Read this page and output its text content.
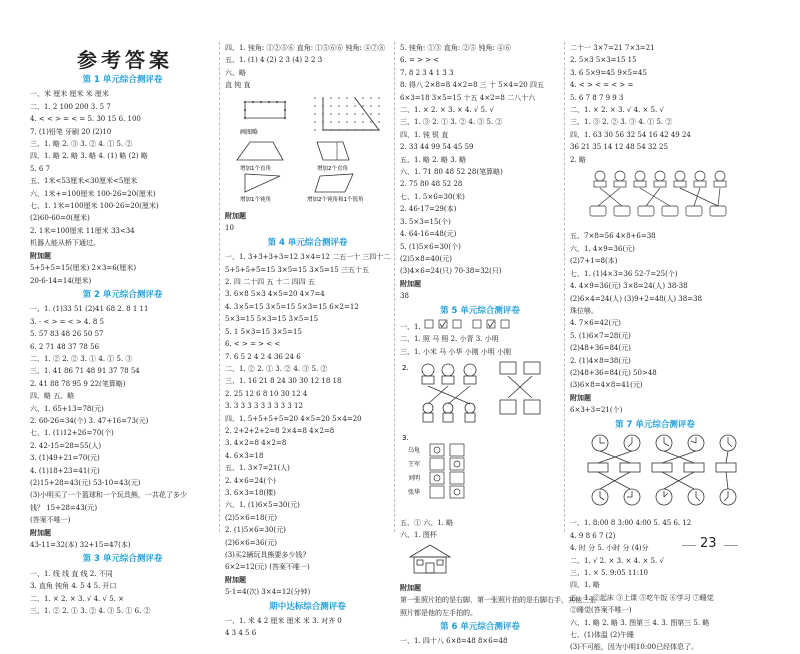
参考答案
第 1 单元综合测评卷
一、米 厘米 厘米 米 厘米
二、1. 2 100 200 3. 5 7
4. < < > = < = 5. 30 15 6. 100
7. (1)铅笔 牙刷 20 (2)10
三、1. 略 2. ③ 3. ② 4. ① 5. ②
四、1. 略 2. 略 3. 略 4. (1) 略 (2) 略
5. 6 7
五、1米<53厘米<30厘米<5厘米
六、1米+=100厘米 100-26=20(厘米)
七、1. 1米=100厘米 100-26=20(厘米)
(2)60-60=0(厘米)
2. 1米=100厘米 11厘米 33<34
机器人能从桥下通过。
附加题
5+5+5=15(厘米) 2×3=6(厘米)
20-6-14=14(厘米)
第 2 单元综合测评卷
一、1. (1)33 51 (2)41 68 2. 8 1 11
3. - < > = < > 4. 8 5
5. 57 83 48 26 50 57
6. 2 71 48 37 78 56
二、1. ② 2. ② 3. ① 4. ① 5. ③
三、1. 41 86 71 48 91 37 78 54
2. 41 88 78 95 9 22(笔算略)
四、略 五、略
六、1. 65+13=78(元)
2. 60-26=34(个) 3. 47+16=73(元)
七、1. (1)12+26=70(个)
2. 42-15=28=55(人)
3. (1)49+21=70(元)
4. (1)18+23=41(元)
(2)15+28=43(元) 53-10=43(元)
(3)小明买了一个篮球和一个玩具熊，一共花了多少
钱？ 15+28=43(元)
(答案不唯一)
附加题
43-11=32(本) 32+15=47(本)
第 3 单元综合测评卷
一、1. 线 线 直 线 2. 不同
3. 直角 钝角 4. 5 4 5. 开口
二、1. × 2. × 3. √ 4. √ 5. ×
三、1. ② 2. ① 3. ② 4. ③ 5. ① 6. ②
四、1. 钝角: ①②⑤⑥ 直角: ①⑤⑥⑥ 钝角: ④⑦⑧
五、1. (1) 4 (2) 2 3 (4) 2 2 3
六、略
直 钝 直
画图略
增加1个直角	增加2个直角
增加1个钝角	增加2个钝角和1个锐角
附加题
10
第 4 单元综合测评卷
一、1. 3+3+3+3=12 3×4=12 二五一十 三四十二
5+5+5+5=15 3×5=15 3×5=15 三五十五
2. 四 二十四 五 十二 四四 五
3. 6×8 5×3 4×5=20 4×7=4
4. 3×5=15 3×5=15 5×3=15 6×2=12
5×3=15 5×3=15 3×5=15
5. 1 5×3=15 3×5=15
6. < > = > < <
7. 6 5 2 4 2 4 36 24 6
二、1. ② 2. ① 3. ② 4. ③ 5. ②
三、1. 16 21 8 24 30 30 12 18 18
2. 25 12 6 8 10 30 12 4
3. 3 3 3 3 3 3 3 3 3 12
四、1. 5+5+5+5=20 4×5=20 5×4=20
2. 2+2+2+2=8 2×4=8 4×2=8
3. 4×2=8 4×2=8
4. 6×3=18
五、1. 3×7=21(人)
2. 4×6=24(个)
3. 6×3=18(棵)
六、1. (1)6×5=30(元)
(2)5×6=18(元)
2. (1)5×6=30(元)
(2)6×6=36(元)
(3)买2辆玩具熊要多少钱?
6×2=12(元) (答案不唯一)
附加题
5-1=4(次) 3×4=12(分钟)
期中达标综合测评卷
一、1. 米 4 2 厘米 厘米 米 3. 对齐 0
4 3 4 5 6
5. 钝角: ①③ 直角: ②⑤ 钝角: ④⑥
6. = > > <
7. 8 2 3 4 1 3 3
8. 得八 2×8=8 4×2=8 三 十 5×4=20 四五
6×3=18 3×5=15 十五 4×2=8 二八十六
二、1. × 2. × 3. × 4. √ 5. √
三、1. ③ 2. ① 3. ② 4. ③ 5. ②
四、1. 钝 锐 直
2. 33 44 99 54 45 59
五、1. 略 2. 略 3. 略
六、1. 71 80 48 52 28(笔算略)
2. 75 80 48 52 28
七、1. 5×6=30(米)
2. 46-17=29(本)
3. 5×3=15(个)
4. 64-16=48(元)
5. (1)5×6=30(个)
(2)5×8=40(元)
(3)4×6=24(只) 70-38=32(只)
附加题
38
第 5 单元综合测评卷
一、1.
二、1. 照 马 照 2. 小青 3. 小明
三、1. 小米 马 小华 小刚 小明 小刚
2.
3.
乌龟
王军
刘明
张华
五、① 六、1. 略
六、1. 图杯
附加题
第一张照片拍的是右脚，第一张照片拍的是右脚右手，其他三张
照片都是他的左手拍的。
第 6 单元综合测评卷
一、1. 四十八 6×8=48 8×6=48
二十一 3×7=21 7×3=21
2. 5×3 5×3=15 15
3. 6 5×9=45 9×5=45
4. < > < = < > =
5. 6 7 8 7 9 9 3
二、1. × 2. × 3. √ 4. × 5. √
三、1. ③ 2. ② 3. ③ 4. ① 5. ②
四、1. 63 30 56 32 54 16 42 49 24
36 21 35 14 12 48 54 32 25
2. 略
五、7×8=56 4×8+6=38
六、1. 4×9=36(元)
(2)7+1=8(本)
七、1. (1)4×3=36 52-7=25(个)
4. 4×9=36(元) 3×8=24(人) 38-38
(2)6×4=24(人) (3)9+2=48(人) 38=38
珠位够。
4. 7×6=42(元)
5. (1)6×7=28(元)
(2)48+36=84(元)
2. (1)4×8=38(元)
(2)48+36=84(元) 50>48
(3)6×8=4×8=41(元)
附加题
6×3+3=21(个)
第 7 单元综合测评卷
一、1. 8:00 8 3:00 4:00 5. 45 6. 12
4. 9 8 6 7 (2)
4. 时 分 5. 小时 分 (4)分
二、1. √ 2. × 3. × 4. × 5. √
三、1. × 5. 9:05 11:10
四、1. 略
五、1. ②起床 ③上课 ⑤吃午饭 ⑥学习 ⑦睡觉
②睡觉(答案不唯一)
六、1. 略 2. 略 3. 图第三 4. 3. 图第三 5. 略
七、(1)体温 (2)午睡
(3)不可能，因为小明10:00已经体息了。
23
